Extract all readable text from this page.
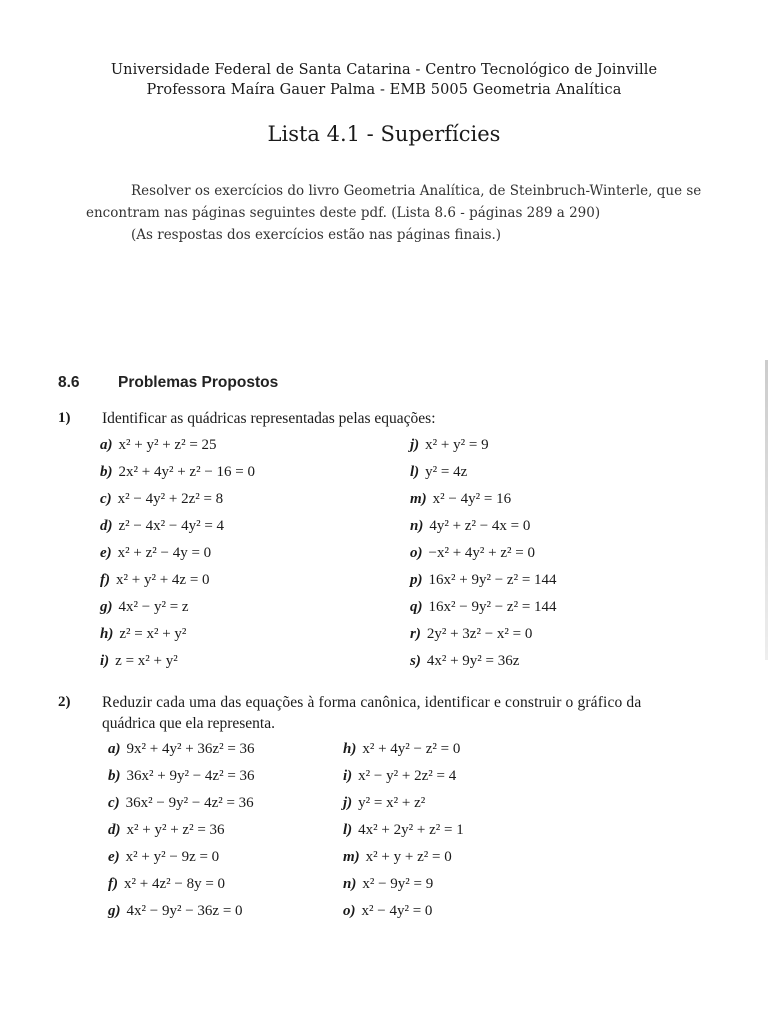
Universidade Federal de Santa Catarina - Centro Tecnológico de Joinville
Professora Maíra Gauer Palma - EMB 5005 Geometria Analítica
Lista 4.1 - Superfícies
Resolver os exercícios do livro Geometria Analítica, de Steinbruch-Winterle, que se
encontram nas páginas seguintes deste pdf. (Lista 8.6 - páginas 289 a 290)
(As respostas dos exercícios estão nas páginas finais.)
8.6 Problemas Propostos
1) Identificar as quádricas representadas pelas equações:
a) x² + y² + z² = 25
b) 2x² + 4y² + z² − 16 = 0
c) x² − 4y² + 2z² = 8
d) z² − 4x² − 4y² = 4
e) x² + z² − 4y = 0
f) x² + y² + 4z = 0
g) 4x² − y² = z
h) z² = x² + y²
i) z = x² + y²
j) x² + y² = 9
l) y² = 4z
m) x² − 4y² = 16
n) 4y² + z² − 4x = 0
o) −x² + 4y² + z² = 0
p) 16x² + 9y² − z² = 144
q) 16x² − 9y² − z² = 144
r) 2y² + 3z² − x² = 0
s) 4x² + 9y² = 36z
2) Reduzir cada uma das equações à forma canônica, identificar e construir o gráfico da
quádrica que ela representa.
a) 9x² + 4y² + 36z² = 36
b) 36x² + 9y² − 4z² = 36
c) 36x² − 9y² − 4z² = 36
d) x² + y² + z² = 36
e) x² + y² − 9z = 0
f) x² + 4z² − 8y = 0
g) 4x² − 9y² − 36z = 0
h) x² + 4y² − z² = 0
i) x² − y² + 2z² = 4
j) y² = x² + z²
l) 4x² + 2y² + z² = 1
m) x² + y + z² = 0
n) x² − 9y² = 9
o) x² − 4y² = 0
